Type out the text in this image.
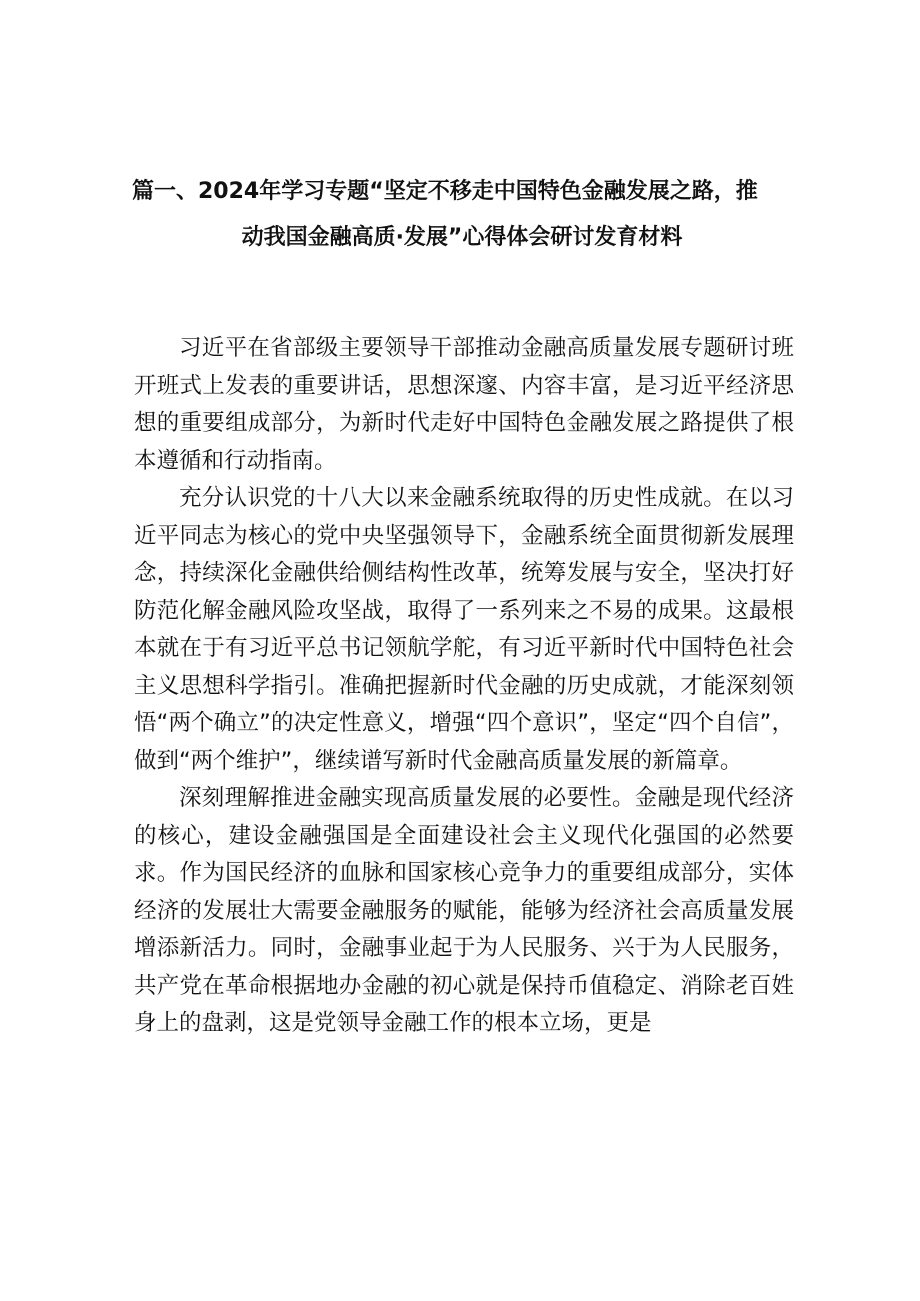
篇一、2024年学习专题“坚定不移走中国特色金融发展之路，推
动我国金融高质·发展”心得体会研讨发育材料

习近平在省部级主要领导干部推动金融高质量发展专题研讨班开班式上发表的重要讲话，思想深邃、内容丰富，是习近平经济思想的重要组成部分，为新时代走好中国特色金融发展之路提供了根本遵循和行动指南。

充分认识党的十八大以来金融系统取得的历史性成就。在以习近平同志为核心的党中央坚强领导下，金融系统全面贯彻新发展理念，持续深化金融供给侧结构性改革，统筹发展与安全，坚决打好防范化解金融风险攻坚战，取得了一系列来之不易的成果。这最根本就在于有习近平总书记领航学舵，有习近平新时代中国特色社会主义思想科学指引。准确把握新时代金融的历史成就，才能深刻领悟“两个确立”的决定性意义，增强“四个意识”，坚定“四个自信”，做到“两个维护”，继续谱写新时代金融高质量发展的新篇章。

深刻理解推进金融实现高质量发展的必要性。金融是现代经济的核心，建设金融强国是全面建设社会主义现代化强国的必然要求。作为国民经济的血脉和国家核心竞争力的重要组成部分，实体经济的发展壮大需要金融服务的赋能，能够为经济社会高质量发展增添新活力。同时，金融事业起于为人民服务、兴于为人民服务，共产党在革命根据地办金融的初心就是保持币值稳定、消除老百姓身上的盘剥，这是党领导金融工作的根本立场，更是
